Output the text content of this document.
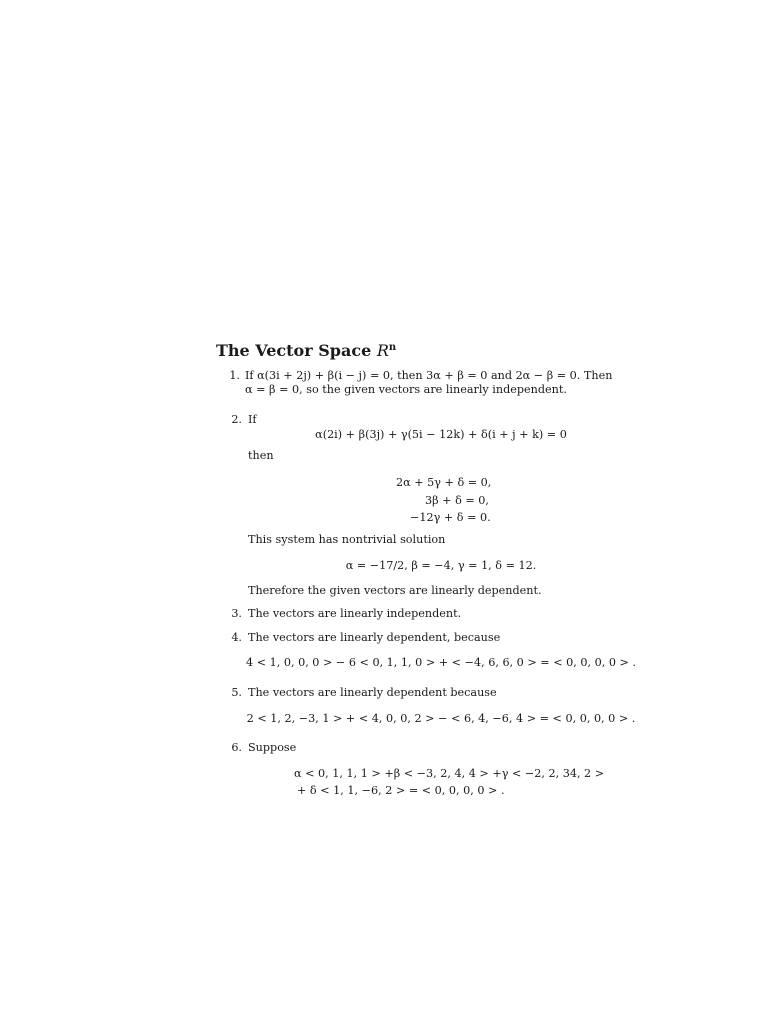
The Vector Space $R^n$
1. If α(3i + 2j) + β(i − j) = 0, then 3α + β = 0 and 2α − β = 0. Then
α = β = 0, so the given vectors are linearly independent.
2. If
α(2i) + β(3j) + γ(5i − 12k) + δ(i + j + k) = 0
then
2α + 5γ + δ = 0,
3β + δ = 0,
−12γ + δ = 0.
This system has nontrivial solution
α = −17/2, β = −4, γ = 1, δ = 12.
Therefore the given vectors are linearly dependent.
3. The vectors are linearly independent.
4. The vectors are linearly dependent, because
4 < 1, 0, 0, 0 > − 6 < 0, 1, 1, 0 > + < −4, 6, 6, 0 > = < 0, 0, 0, 0 > .
5. The vectors are linearly dependent because
2 < 1, 2, −3, 1 > + < 4, 0, 0, 2 > − < 6, 4, −6, 4 > = < 0, 0, 0, 0 > .
6. Suppose
α < 0, 1, 1, 1 > +β < −3, 2, 4, 4 > +γ < −2, 2, 34, 2 >
+ δ < 1, 1, −6, 2 > = < 0, 0, 0, 0 > .
